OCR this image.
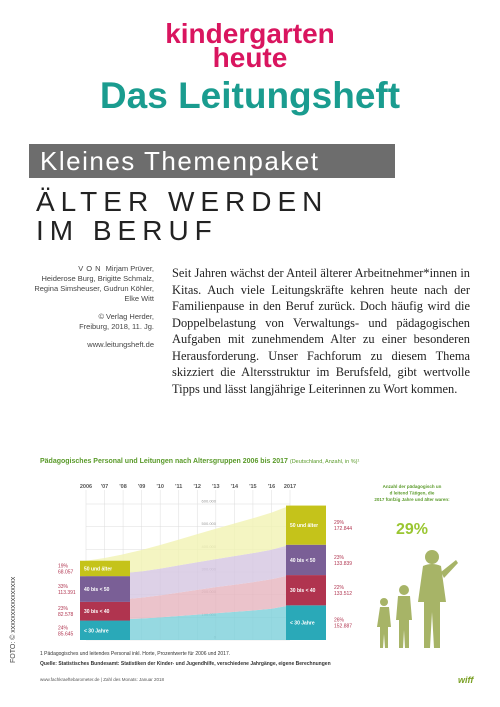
kindergarten
heute
Das Leitungsheft
Kleines Themenpaket
ÄLTER WERDEN
IM BERUF
VON Mirjam Prüver,
Heiderose Burg, Brigitte Schmalz,
Regina Simsheuser, Gudrun Köhler,
Elke Witt
© Verlag Herder,
Freiburg, 2018, 11. Jg.
www.leitungsheft.de
Seit Jahren wächst der Anteil älterer Arbeitnehmer*innen in Kitas. Auch viele Leitungskräfte kehren heute nach der Familienpause in den Beruf zurück. Doch häufig wird die Doppelbelastung von Verwaltungs- und pädagogischen Aufgaben mit zunehmendem Alter zu einer besonderen Herausforderung. Unser Fachforum zu diesem Thema skizziert die Altersstruktur im Berufsfeld, gibt wertvolle Tipps und lässt langjährige Leiterinnen zu Wort kommen.
Pädagogisches Personal und Leitungen nach Altersgruppen 2006 bis 2017 (Deutschland, Anzahl, in %)¹
2006 '07 '08 '09 '10 '11 '12 '13 '14 '15 '16 2017
600.000
500.000
< 30 Jahre
30 bis < 40
40 bis < 50
50 und älter
< 30 Jahre
30 bis < 40
40 bis < 50
50 und älter
19%
68.057
33%
113.391
23%
82.578
24%
85.645
29%
172.844
23%
133.839
22%
133.512
26%
152.887
Anzahl der pädagogisch un
d leitend Tätigen, die
2017 fünfzig Jahre und älter waren:
29%
FOTO: © xxxxxxxxxxxxxxxx	1 Pädagogisches und leitendes Personal inkl. Horte, Prozentwerte für 2006 und 2017.
Quelle: Statistisches Bundesamt: Statistiken der Kinder- und Jugendhilfe, verschiedene Jahrgänge, eigene Berechnungen
www.fachkraeftebarometer.de | Zahl des Monats: Januar 2018	wiff
